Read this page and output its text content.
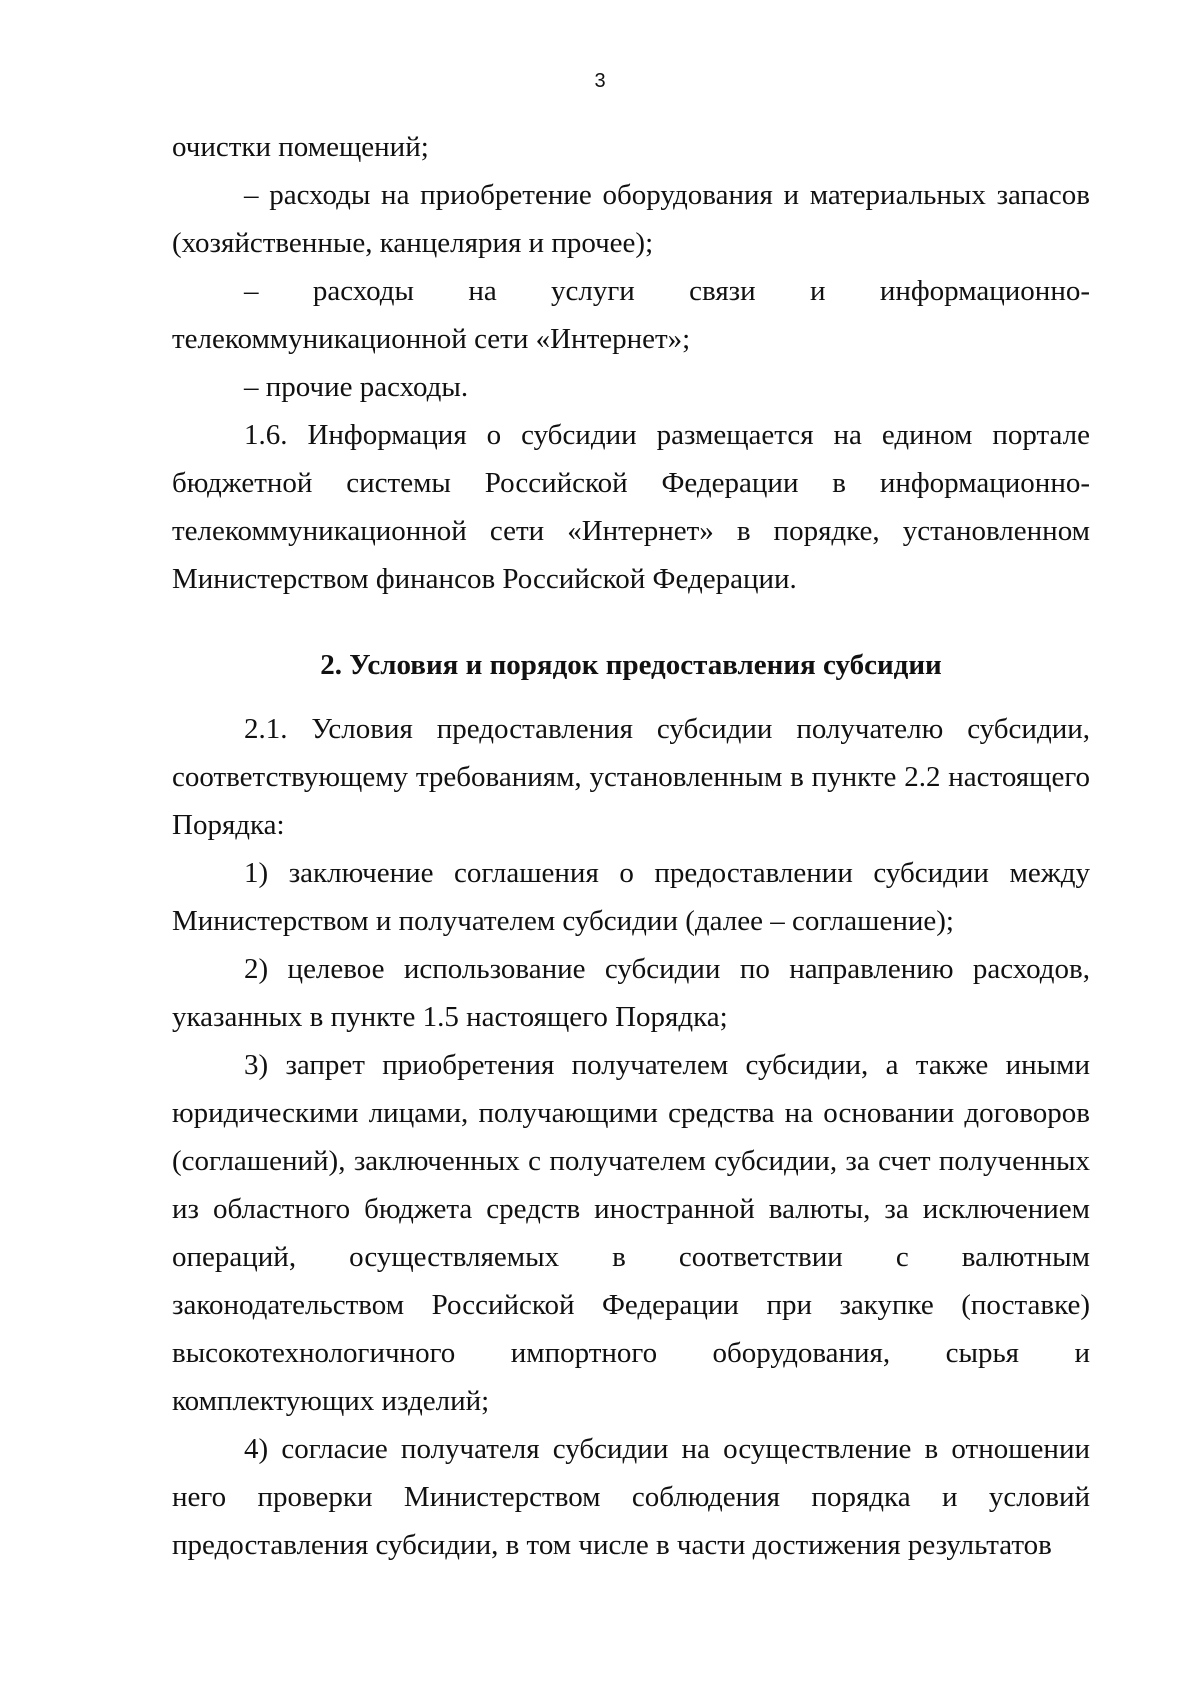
3

очистки помещений;

– расходы на приобретение оборудования и материальных запасов (хозяйственные, канцелярия и прочее);

– расходы на услуги связи и информационно-телекоммуникационной сети «Интернет»;

– прочие расходы.

1.6. Информация о субсидии размещается на едином портале бюджетной системы Российской Федерации в информационно-телекоммуникационной сети «Интернет» в порядке, установленном Министерством финансов Российской Федерации.

2. Условия и порядок предоставления субсидии

2.1. Условия предоставления субсидии получателю субсидии, соответствующему требованиям, установленным в пункте 2.2 настоящего Порядка:

1) заключение соглашения о предоставлении субсидии между Министерством и получателем субсидии (далее – соглашение);

2) целевое использование субсидии по направлению расходов, указанных в пункте 1.5 настоящего Порядка;

3) запрет приобретения получателем субсидии, а также иными юридическими лицами, получающими средства на основании договоров (соглашений), заключенных с получателем субсидии, за счет полученных из областного бюджета средств иностранной валюты, за исключением операций, осуществляемых в соответствии с валютным законодательством Российской Федерации при закупке (поставке) высокотехнологичного импортного оборудования, сырья и комплектующих изделий;

4) согласие получателя субсидии на осуществление в отношении него проверки Министерством соблюдения порядка и условий предоставления субсидии, в том числе в части достижения результатов
